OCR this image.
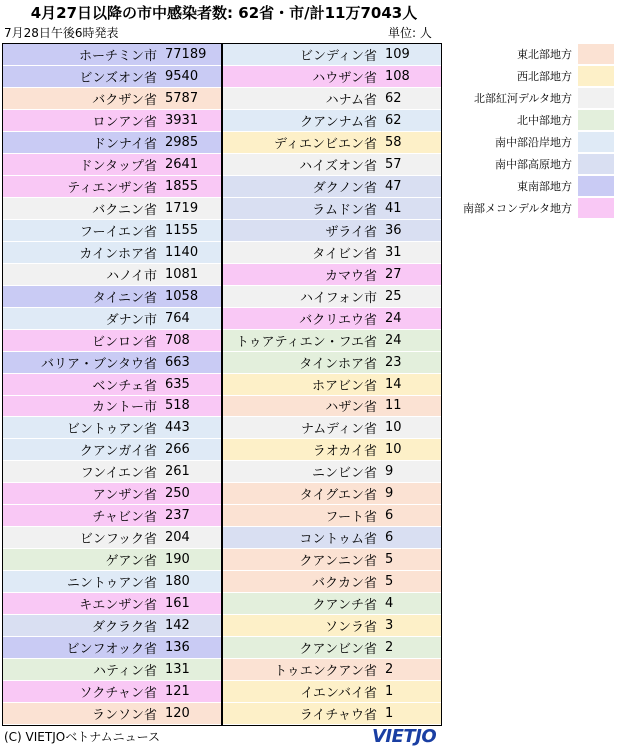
4月27日以降の市中感染者数: 62省・市/計11万7043人
7月28日午後6時発表	単位: 人
ホーチミン市 77189
ビンズオン省 9540
バクザン省 5787
ロンアン省 3931
ドンナイ省 2985
ドンタップ省 2641
ティエンザン省 1855
バクニン省 1719
フーイエン省 1155
カインホア省 1140
ハノイ市 1081
タイニン省 1058
ダナン市 764
ビンロン省 708
バリア・ブンタウ省 663
ベンチェ省 635
カントー市 518
ビントゥアン省 443
クアンガイ省 266
フンイエン省 261
アンザン省 250
チャビン省 237
ビンフック省 204
ゲアン省 190
ニントゥアン省 180
キエンザン省 161
ダクラク省 142
ビンフオック省 136
ハティン省 131
ソクチャン省 121
ランソン省 120
ビンディン省 109
ハウザン省 108
ハナム省 62
クアンナム省 62
ディエンビエン省 58
ハイズオン省 57
ダクノン省 47
ラムドン省 41
ザライ省 36
タイビン省 31
カマウ省 27
ハイフォン市 25
バクリエウ省 24
トゥアティエン・フエ省 24
タインホア省 23
ホアビン省 14
ハザン省 11
ナムディン省 10
ラオカイ省 10
ニンビン省 9
タイグエン省 9
フート省 6
コントゥム省 6
クアンニン省 5
バクカン省 5
クアンチ省 4
ソンラ省 3
クアンビン省 2
トゥエンクアン省 2
イエンバイ省 1
ライチャウ省 1
東北部地方
西北部地方
北部紅河デルタ地方
北中部地方
南中部沿岸地方
南中部高原地方
東南部地方
南部メコンデルタ地方
(C) VIETJOベトナムニュース	VIETJO
